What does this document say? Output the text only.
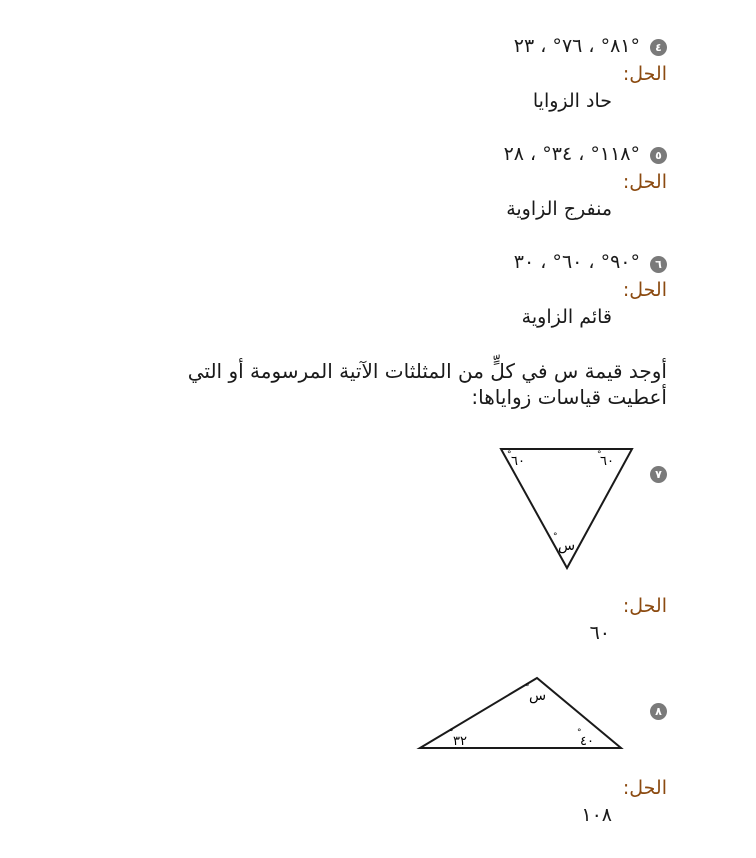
٤
٨١° ، ٧٦° ، ٢٣°
الحل:
حاد الزوايا
٥
١١٨° ، ٣٤° ، ٢٨°
الحل:
منفرج الزاوية
٦
٩٠° ، ٦٠° ، ٣٠°
الحل:
قائم الزاوية
أوجد قيمة س في كلٍّ من المثلثات الآتية المرسومة أو التي أعطيت قياسات زواياها:
٧
٦٠	٦٠
°	°
س
°
الحل:
٦٠
٨
س
°
٣٢
°
٤٠
°
الحل:
١٠٨
